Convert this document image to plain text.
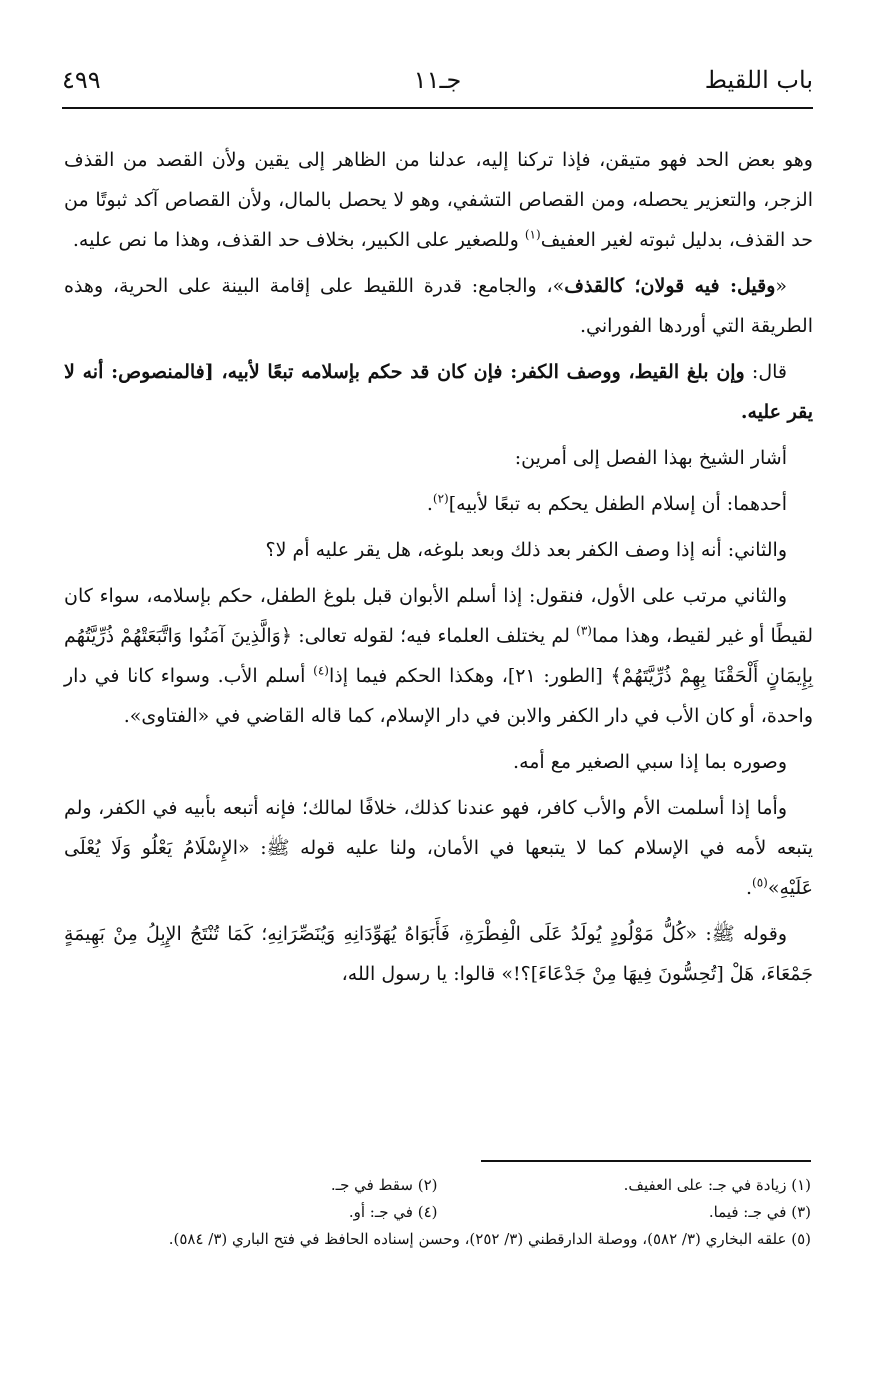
باب اللقيط
جـ١١
٤٩٩

وهو بعض الحد فهو متيقن، فإذا تركنا إليه، عدلنا من الظاهر إلى يقين ولأن القصد من القذف الزجر، والتعزير يحصله، ومن القصاص التشفي، وهو لا يحصل بالمال، ولأن القصاص آكد ثبوتًا من حد القذف، بدليل ثبوته لغير العفيف$^{(١)}$ وللصغير على الكبير، بخلاف حد القذف، وهذا ما نص عليه.

«وقيل: فيه قولان؛ كالقذف»، والجامع: قدرة اللقيط على إقامة البينة على الحرية، وهذه الطريقة التي أوردها الفوراني.

قال: وإن بلغ القيط، ووصف الكفر: فإن كان قد حكم بإسلامه تبعًا لأبيه، [فالمنصوص: أنه لا يقر عليه.

أشار الشيخ بهذا الفصل إلى أمرين:

أحدهما: أن إسلام الطفل يحكم به تبعًا لأبيه]$^{(٢)}$.

والثاني: أنه إذا وصف الكفر بعد ذلك وبعد بلوغه، هل يقر عليه أم لا؟

والثاني مرتب على الأول، فنقول: إذا أسلم الأبوان قبل بلوغ الطفل، حكم بإسلامه، سواء كان لقيطًا أو غير لقيط، وهذا مما$^{(٣)}$ لم يختلف العلماء فيه؛ لقوله تعالى: ﴿وَالَّذِينَ آمَنُوا وَاتَّبَعَتْهُمْ ذُرِّيَّتُهُم بِإِيمَانٍ أَلْحَقْنَا بِهِمْ ذُرِّيَّتَهُمْ﴾ [الطور: ٢١]، وهكذا الحكم فيما إذا$^{(٤)}$ أسلم الأب. وسواء كانا في دار واحدة، أو كان الأب في دار الكفر والابن في دار الإسلام، كما قاله القاضي في «الفتاوى».

وصوره بما إذا سبي الصغير مع أمه.

وأما إذا أسلمت الأم والأب كافر، فهو عندنا كذلك، خلافًا لمالك؛ فإنه أتبعه بأبيه في الكفر، ولم يتبعه لأمه في الإسلام كما لا يتبعها في الأمان، ولنا عليه قوله ﷺ: «الإِسْلَامُ يَعْلُو وَلَا يُعْلَى عَلَيْهِ»$^{(٥)}$.

وقوله ﷺ: «كُلُّ مَوْلُودٍ يُولَدُ عَلَى الْفِطْرَةِ، فَأَبَوَاهُ يُهَوِّدَانِهِ وَيُنَصِّرَانِهِ؛ كَمَا تُنْتَجُ الإِبِلُ مِنْ بَهِيمَةٍ جَمْعَاءَ، هَلْ [تُحِسُّونَ فِيهَا مِنْ جَدْعَاءَ]؟!» قالوا: يا رسول الله،

(١) زيادة في جـ: على العفيف.
(٢) سقط في جـ.
(٣) في جـ: فيما.
(٤) في جـ: أو.
(٥) علقه البخاري (٣/ ٥٨٢)، ووصلة الدارقطني (٣/ ٢٥٢)، وحسن إسناده الحافظ في فتح الباري (٣/ ٥٨٤).
